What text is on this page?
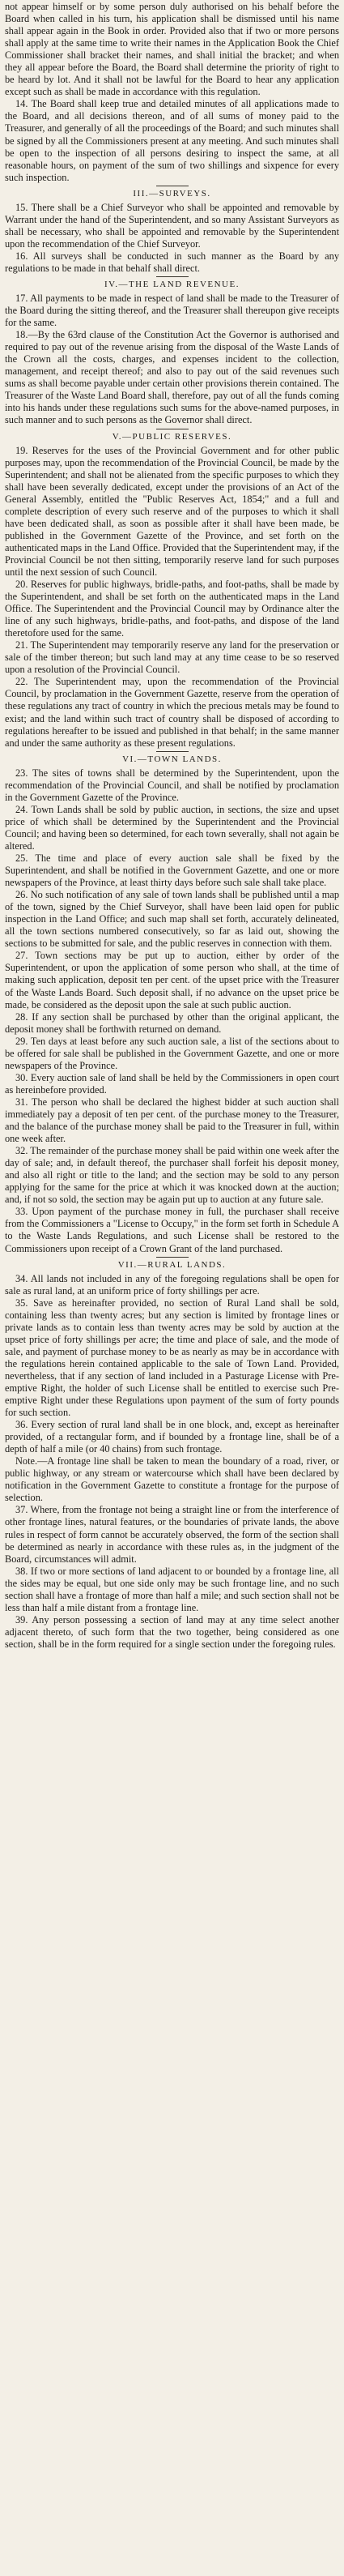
not appear himself or by some person duly authorised on his behalf before the Board when called in his turn, his application shall be dismissed until his name shall appear again in the Book in order. Provided also that if two or more persons shall apply at the same time to write their names in the Application Book the Chief Commissioner shall bracket their names, and shall initial the bracket; and when they all appear before the Board, the Board shall determine the priority of right to be heard by lot. And it shall not be lawful for the Board to hear any application except such as shall be made in accordance with this regulation.

14. The Board shall keep true and detailed minutes of all applications made to the Board, and all decisions thereon, and of all sums of money paid to the Treasurer, and generally of all the proceedings of the Board; and such minutes shall be signed by all the Commissioners present at any meeting. And such minutes shall be open to the inspection of all persons desiring to inspect the same, at all reasonable hours, on payment of the sum of two shillings and sixpence for every such inspection.

III.—SURVEYS.

15. There shall be a Chief Surveyor who shall be appointed and removable by Warrant under the hand of the Superintendent, and so many Assistant Surveyors as shall be necessary, who shall be appointed and removable by the Superintendent upon the recommendation of the Chief Surveyor.

16. All surveys shall be conducted in such manner as the Board by any regulations to be made in that behalf shall direct.

IV.—THE LAND REVENUE.

17. All payments to be made in respect of land shall be made to the Treasurer of the Board during the sitting thereof, and the Treasurer shall thereupon give receipts for the same.

18.—By the 63rd clause of the Constitution Act the Governor is authorised and required to pay out of the revenue arising from the disposal of the Waste Lands of the Crown all the costs, charges, and expenses incident to the collection, management, and receipt thereof; and also to pay out of the said revenues such sums as shall become payable under certain other provisions therein contained. The Treasurer of the Waste Land Board shall, therefore, pay out of all the funds coming into his hands under these regulations such sums for the above-named purposes, in such manner and to such persons as the Governor shall direct.

V.—PUBLIC RESERVES.

19. Reserves for the uses of the Provincial Government and for other public purposes may, upon the recommendation of the Provincial Council, be made by the Superintendent; and shall not be alienated from the specific purposes to which they shall have been severally dedicated, except under the provisions of an Act of the General Assembly, entitled the "Public Reserves Act, 1854;" and a full and complete description of every such reserve and of the purposes to which it shall have been dedicated shall, as soon as possible after it shall have been made, be published in the Government Gazette of the Province, and set forth on the authenticated maps in the Land Office. Provided that the Superintendent may, if the Provincial Council be not then sitting, temporarily reserve land for such purposes until the next session of such Council.

20. Reserves for public highways, bridle-paths, and foot-paths, shall be made by the Superintendent, and shall be set forth on the authenticated maps in the Land Office. The Superintendent and the Provincial Council may by Ordinance alter the line of any such highways, bridle-paths, and foot-paths, and dispose of the land theretofore used for the same.

21. The Superintendent may temporarily reserve any land for the preservation or sale of the timber thereon; but such land may at any time cease to be so reserved upon a resolution of the Provincial Council.

22. The Superintendent may, upon the recommendation of the Provincial Council, by proclamation in the Government Gazette, reserve from the operation of these regulations any tract of country in which the precious metals may be found to exist; and the land within such tract of country shall be disposed of according to regulations hereafter to be issued and published in that behalf; in the same manner and under the same authority as these present regulations.

VI.—TOWN LANDS.

23. The sites of towns shall be determined by the Superintendent, upon the recommendation of the Provincial Council, and shall be notified by proclamation in the Government Gazette of the Province.

24. Town Lands shall be sold by public auction, in sections, the size and upset price of which shall be determined by the Superintendent and the Provincial Council; and having been so determined, for each town severally, shall not again be altered.

25. The time and place of every auction sale shall be fixed by the Superintendent, and shall be notified in the Government Gazette, and one or more newspapers of the Province, at least thirty days before such sale shall take place.

26. No such notification of any sale of town lands shall be published until a map of the town, signed by the Chief Surveyor, shall have been laid open for public inspection in the Land Office; and such map shall set forth, accurately delineated, all the town sections numbered consecutively, so far as laid out, showing the sections to be submitted for sale, and the public reserves in connection with them.

27. Town sections may be put up to auction, either by order of the Superintendent, or upon the application of some person who shall, at the time of making such application, deposit ten per cent. of the upset price with the Treasurer of the Waste Lands Board. Such deposit shall, if no advance on the upset price be made, be considered as the deposit upon the sale at such public auction.

28. If any section shall be purchased by other than the original applicant, the deposit money shall be forthwith returned on demand.

29. Ten days at least before any such auction sale, a list of the sections about to be offered for sale shall be published in the Government Gazette, and one or more newspapers of the Province.

30. Every auction sale of land shall be held by the Commissioners in open court as hereinbefore provided.

31. The person who shall be declared the highest bidder at such auction shall immediately pay a deposit of ten per cent. of the purchase money to the Treasurer, and the balance of the purchase money shall be paid to the Treasurer in full, within one week after.

32. The remainder of the purchase money shall be paid within one week after the day of sale; and, in default thereof, the purchaser shall forfeit his deposit money, and also all right or title to the land; and the section may be sold to any person applying for the same for the price at which it was knocked down at the auction; and, if not so sold, the section may be again put up to auction at any future sale.

33. Upon payment of the purchase money in full, the purchaser shall receive from the Commissioners a "License to Occupy," in the form set forth in Schedule A to the Waste Lands Regulations, and such License shall be restored to the Commissioners upon receipt of a Crown Grant of the land purchased.

VII.—RURAL LANDS.

34. All lands not included in any of the foregoing regulations shall be open for sale as rural land, at an uniform price of forty shillings per acre.

35. Save as hereinafter provided, no section of Rural Land shall be sold, containing less than twenty acres; but any section is limited by frontage lines or private lands as to contain less than twenty acres may be sold by auction at the upset price of forty shillings per acre; the time and place of sale, and the mode of sale, and payment of purchase money to be as nearly as may be in accordance with the regulations herein contained applicable to the sale of Town Land. Provided, nevertheless, that if any section of land included in a Pasturage License with Pre-emptive Right, the holder of such License shall be entitled to exercise such Pre-emptive Right under these Regulations upon payment of the sum of forty pounds for such section.

36. Every section of rural land shall be in one block, and, except as hereinafter provided, of a rectangular form, and if bounded by a frontage line, shall be of a depth of half a mile (or 40 chains) from such frontage.

Note.—A frontage line shall be taken to mean the boundary of a road, river, or public highway, or any stream or watercourse which shall have been declared by notification in the Government Gazette to constitute a frontage for the purpose of selection.

37. Where, from the frontage not being a straight line or from the interference of other frontage lines, natural features, or the boundaries of private lands, the above rules in respect of form cannot be accurately observed, the form of the section shall be determined as nearly in accordance with these rules as, in the judgment of the Board, circumstances will admit.

38. If two or more sections of land adjacent to or bounded by a frontage line, all the sides may be equal, but one side only may be such frontage line, and no such section shall have a frontage of more than half a mile; and such section shall not be less than half a mile distant from a frontage line.

39. Any person possessing a section of land may at any time select another adjacent thereto, of such form that the two together, being considered as one section, shall be in the form required for a single section under the foregoing rules.
